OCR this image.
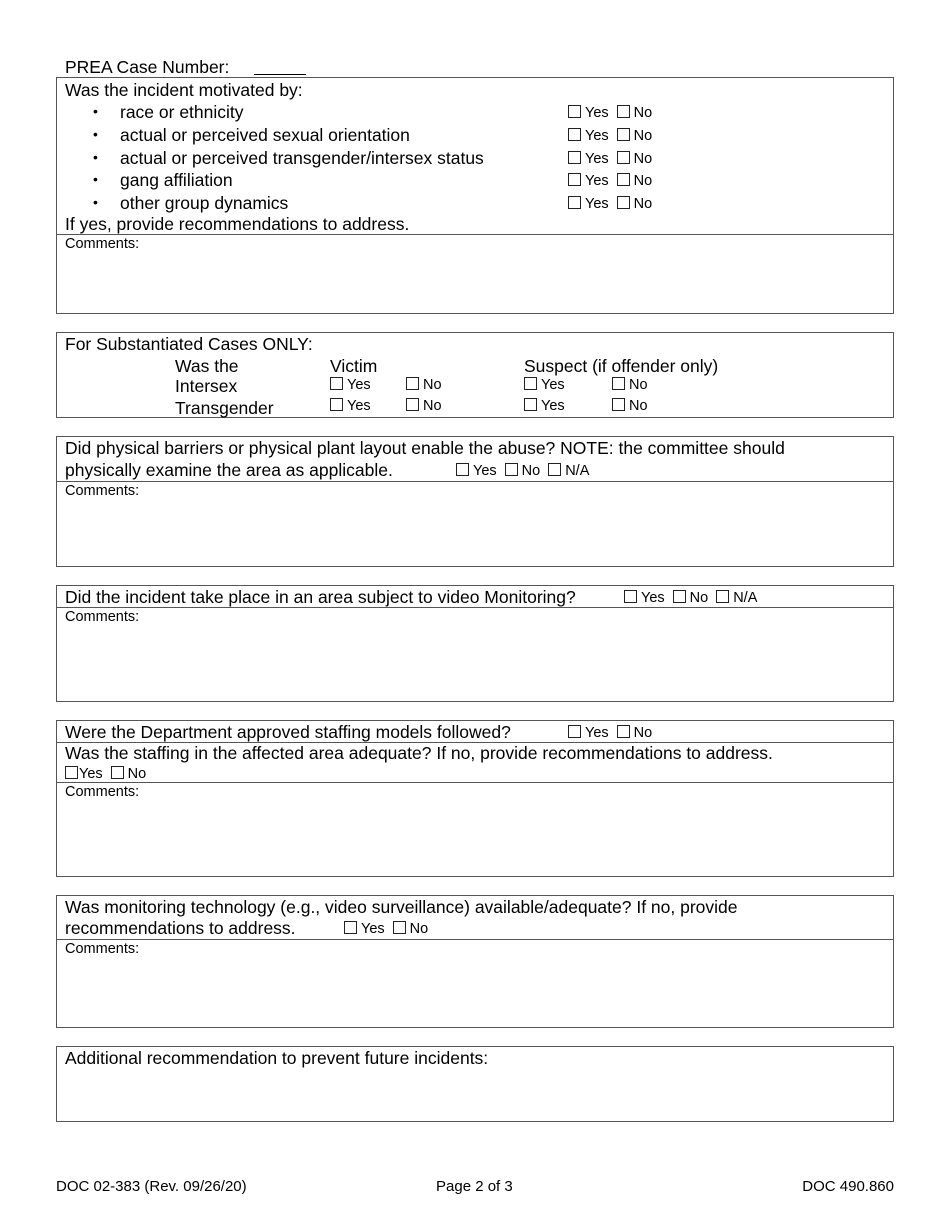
PREA Case Number:
Was the incident motivated by:
• race or ethnicity	Yes No
• actual or perceived sexual orientation	Yes No
• actual or perceived transgender/intersex status	Yes No
• gang affiliation	Yes No
• other group dynamics	Yes No
If yes, provide recommendations to address.
Comments:
For Substantiated Cases ONLY:
Was the	Victim	Suspect (if offender only)
Intersex	Yes	No	Yes	No
Transgender	Yes	No	Yes	No
Did physical barriers or physical plant layout enable the abuse? NOTE: the committee should
physically examine the area as applicable.	Yes No N/A
Comments:
Did the incident take place in an area subject to video Monitoring?	Yes No N/A
Comments:
Were the Department approved staffing models followed?	Yes No
Was the staffing in the affected area adequate? If no, provide recommendations to address.
Yes No
Comments:
Was monitoring technology (e.g., video surveillance) available/adequate? If no, provide
recommendations to address.	Yes No
Comments:
Additional recommendation to prevent future incidents:
DOC 02-383 (Rev. 09/26/20)	Page 2 of 3	DOC 490.860
